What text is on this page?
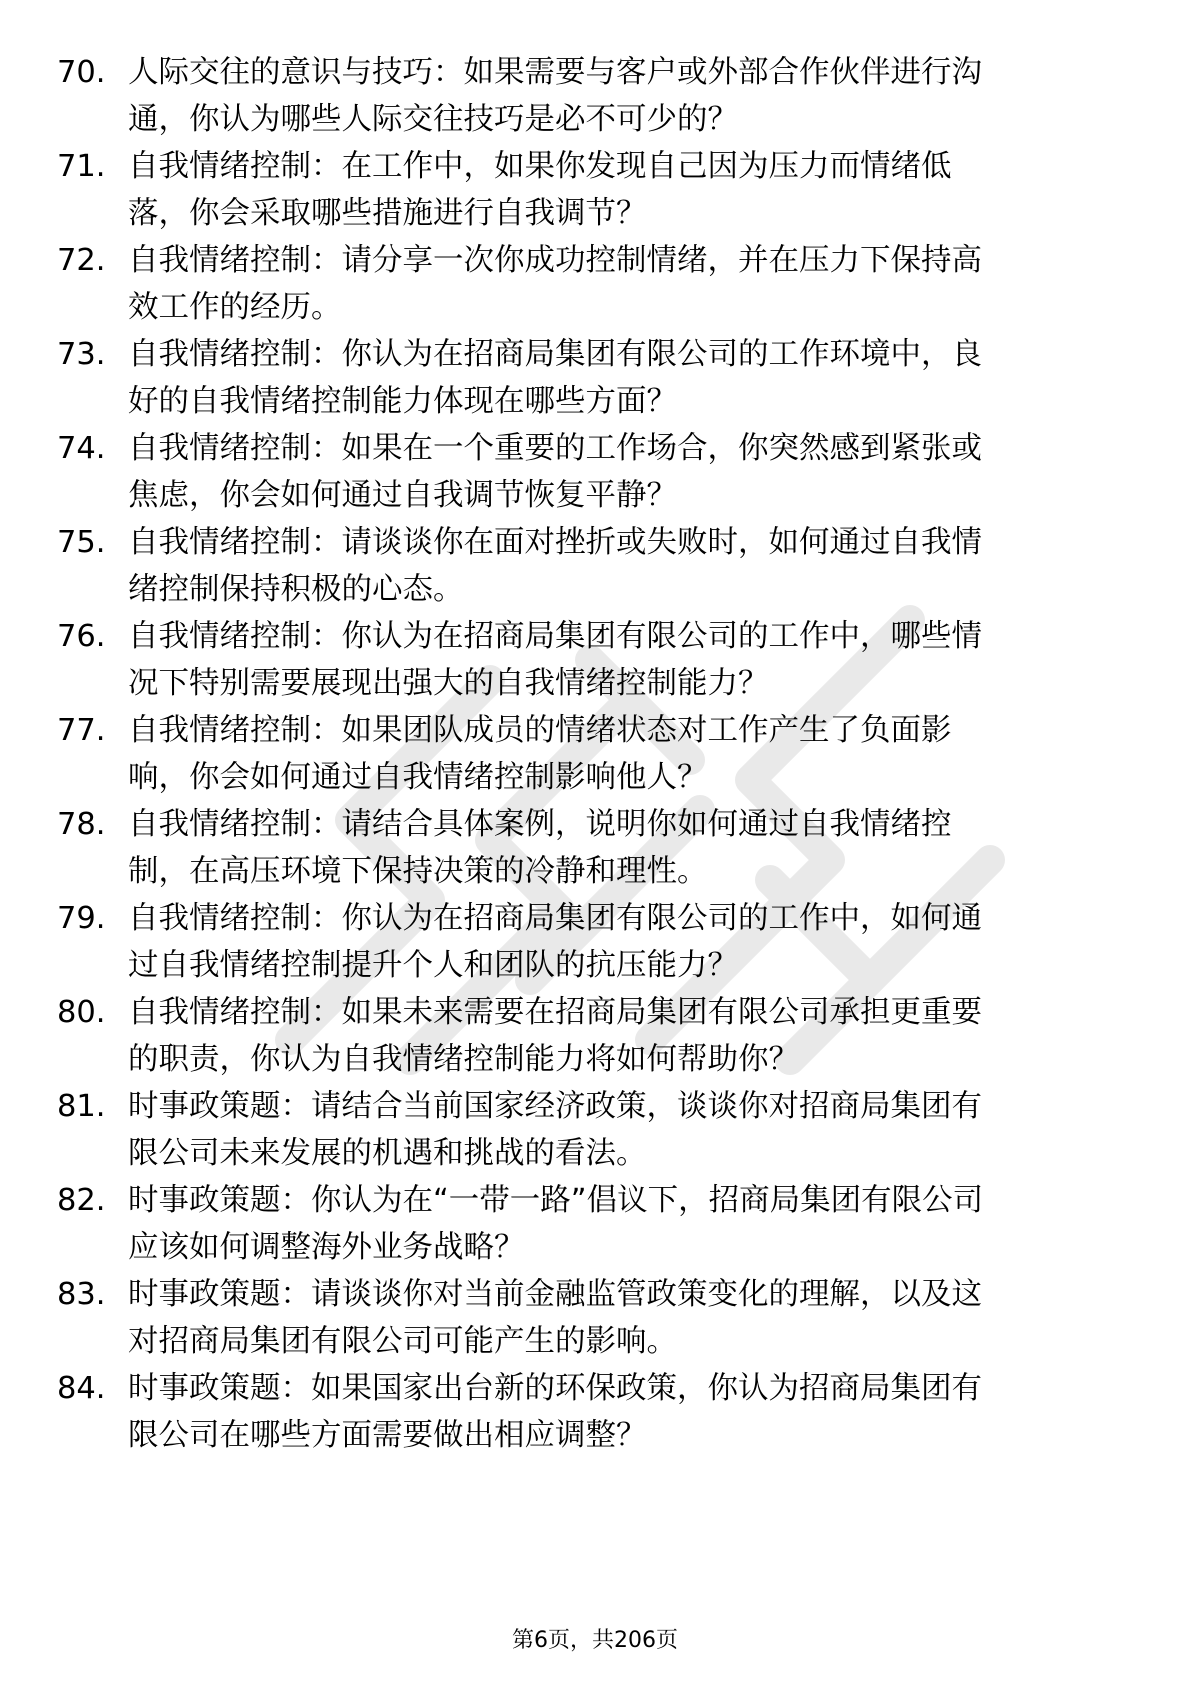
70. 人际交往的意识与技巧：如果需要与客户或外部合作伙伴进行沟
通，你认为哪些人际交往技巧是必不可少的？
71. 自我情绪控制：在工作中，如果你发现自己因为压力而情绪低
落，你会采取哪些措施进行自我调节？
72. 自我情绪控制：请分享一次你成功控制情绪，并在压力下保持高
效工作的经历。
73. 自我情绪控制：你认为在招商局集团有限公司的工作环境中，良
好的自我情绪控制能力体现在哪些方面？
74. 自我情绪控制：如果在一个重要的工作场合，你突然感到紧张或
焦虑，你会如何通过自我调节恢复平静？
75. 自我情绪控制：请谈谈你在面对挫折或失败时，如何通过自我情
绪控制保持积极的心态。
76. 自我情绪控制：你认为在招商局集团有限公司的工作中，哪些情
况下特别需要展现出强大的自我情绪控制能力？
77. 自我情绪控制：如果团队成员的情绪状态对工作产生了负面影
响，你会如何通过自我情绪控制影响他人？
78. 自我情绪控制：请结合具体案例，说明你如何通过自我情绪控
制，在高压环境下保持决策的冷静和理性。
79. 自我情绪控制：你认为在招商局集团有限公司的工作中，如何通
过自我情绪控制提升个人和团队的抗压能力？
80. 自我情绪控制：如果未来需要在招商局集团有限公司承担更重要
的职责，你认为自我情绪控制能力将如何帮助你？
81. 时事政策题：请结合当前国家经济政策，谈谈你对招商局集团有
限公司未来发展的机遇和挑战的看法。
82. 时事政策题：你认为在“一带一路”倡议下，招商局集团有限公司
应该如何调整海外业务战略？
83. 时事政策题：请谈谈你对当前金融监管政策变化的理解，以及这
对招商局集团有限公司可能产生的影响。
84. 时事政策题：如果国家出台新的环保政策，你认为招商局集团有
限公司在哪些方面需要做出相应调整？
第6页，共206页
